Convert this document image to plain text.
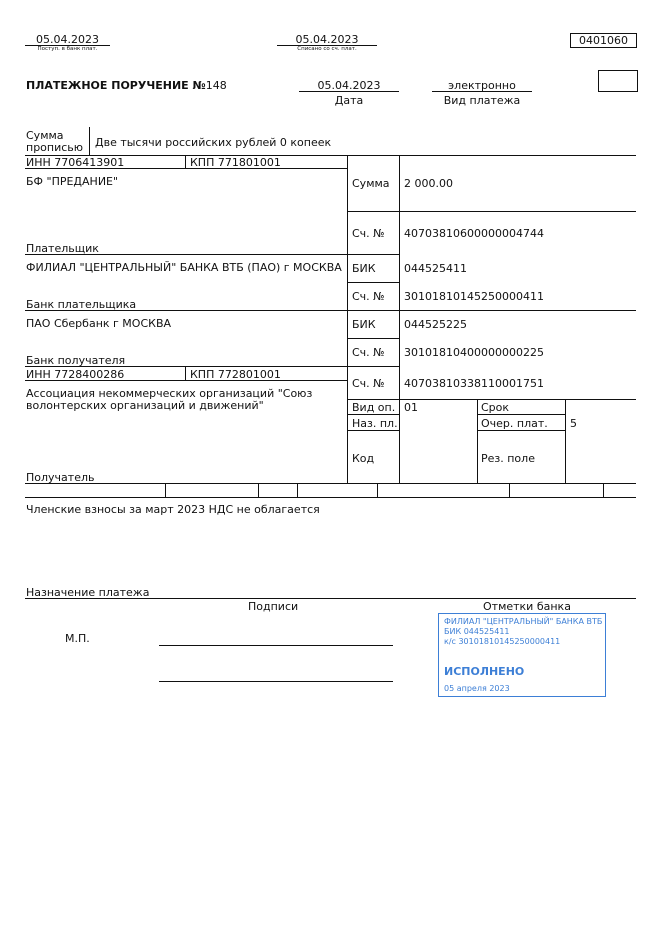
05.04.2023
Поступ. в банк плат.
05.04.2023
Списано со сч. плат.
0401060
ПЛАТЕЖНОЕ ПОРУЧЕНИЕ №148	05.04.2023
Дата
электронно
Вид платежа
Сумма
прописью Две тысячи российских рублей 0 копеек
ИНН 7706413901	КПП 771801001
БФ "ПРЕДАНИЕ"
Плательщик
Сумма 2 000.00
Сч. № 40703810600000004744
ФИЛИАЛ "ЦЕНТРАЛЬНЫЙ" БАНКА ВТБ (ПАО) г МОСКВА
Банк плательщика
БИК	044525411
Сч. № 30101810145250000411
ПАО Сбербанк г МОСКВА
Банк получателя
БИК	044525225
Сч. № 30101810400000000225
ИНН 7728400286	КПП 772801001
Ассоциация некоммерческих организаций "Союз
волонтерских организаций и движений"
Получатель
Сч. № 40703810338110001751
Вид оп. 01	Срок
Наз. пл.	Очер. плат. 5
Код	Рез. поле
Членские взносы за март 2023 НДС не облагается
Назначение платежа
Подписи
М.П.
Отметки банка
ФИЛИАЛ "ЦЕНТРАЛЬНЫЙ" БАНКА ВТБ
БИК 044525411
к/с 30101810145250000411
ИСПОЛНЕНО
05 апреля 2023
